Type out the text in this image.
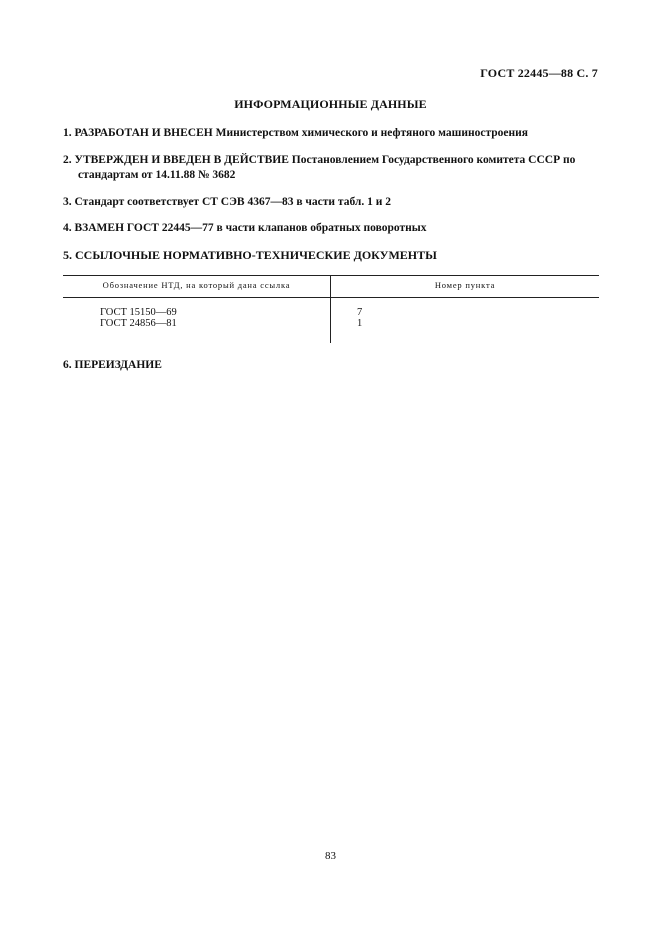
ГОСТ 22445—88 С. 7
ИНФОРМАЦИОННЫЕ ДАННЫЕ
1. РАЗРАБОТАН И ВНЕСЕН Министерством химического и нефтяного машиностроения
2. УТВЕРЖДЕН И ВВЕДЕН В ДЕЙСТВИЕ Постановлением Государственного комитета СССР по
стандартам от 14.11.88 № 3682
3. Стандарт соответствует СТ СЭВ 4367—83 в части табл. 1 и 2
4. ВЗАМЕН ГОСТ 22445—77 в части клапанов обратных поворотных
5. ССЫЛОЧНЫЕ НОРМАТИВНО-ТЕХНИЧЕСКИЕ ДОКУМЕНТЫ
Обозначение НТД, на который дана ссылка	Номер пункта
ГОСТ 15150—69	7
ГОСТ 24856—81	1
6. ПЕРЕИЗДАНИЕ
83
